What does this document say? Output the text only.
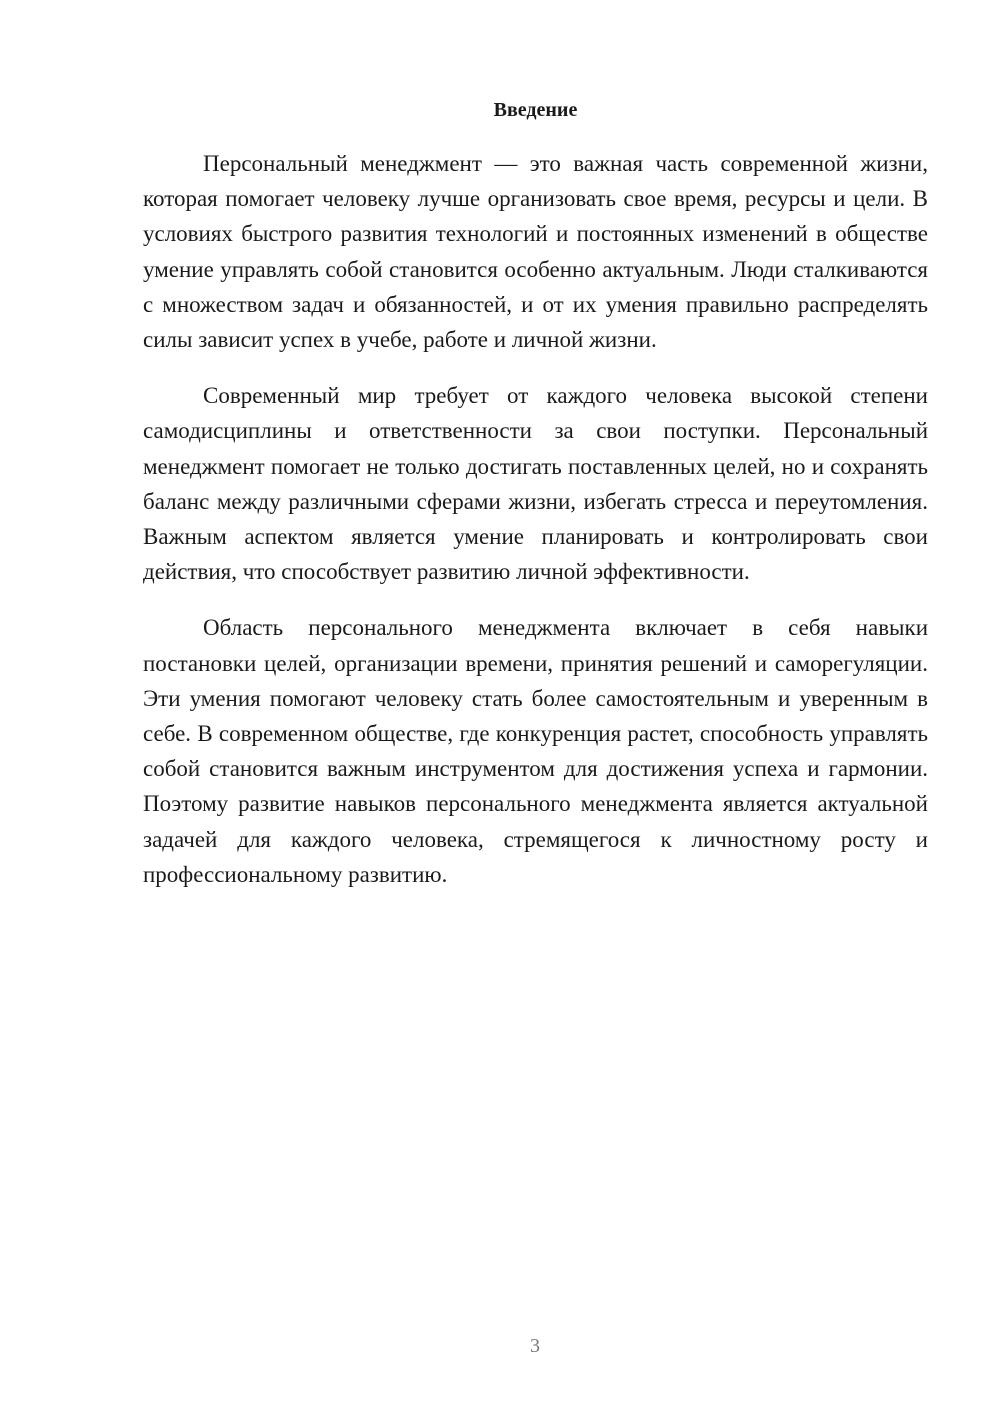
Введение

Персональный менеджмент — это важная часть современной жизни, которая помогает человеку лучше организовать свое время, ресурсы и цели. В условиях быстрого развития технологий и постоянных изменений в обществе умение управлять собой становится особенно актуальным. Люди сталкиваются с множеством задач и обязанностей, и от их умения правильно распределять силы зависит успех в учебе, работе и личной жизни.

Современный мир требует от каждого человека высокой степени самодисциплины и ответственности за свои поступки. Персональный менеджмент помогает не только достигать поставленных целей, но и сохранять баланс между различными сферами жизни, избегать стресса и переутомления. Важным аспектом является умение планировать и контролировать свои действия, что способствует развитию личной эффективности.

Область персонального менеджмента включает в себя навыки постановки целей, организации времени, принятия решений и саморегуляции. Эти умения помогают человеку стать более самостоятельным и уверенным в себе. В современном обществе, где конкуренция растет, способность управлять собой становится важным инструментом для достижения успеха и гармонии. Поэтому развитие навыков персонального менеджмента является актуальной задачей для каждого человека, стремящегося к личностному росту и профессиональному развитию.

3
